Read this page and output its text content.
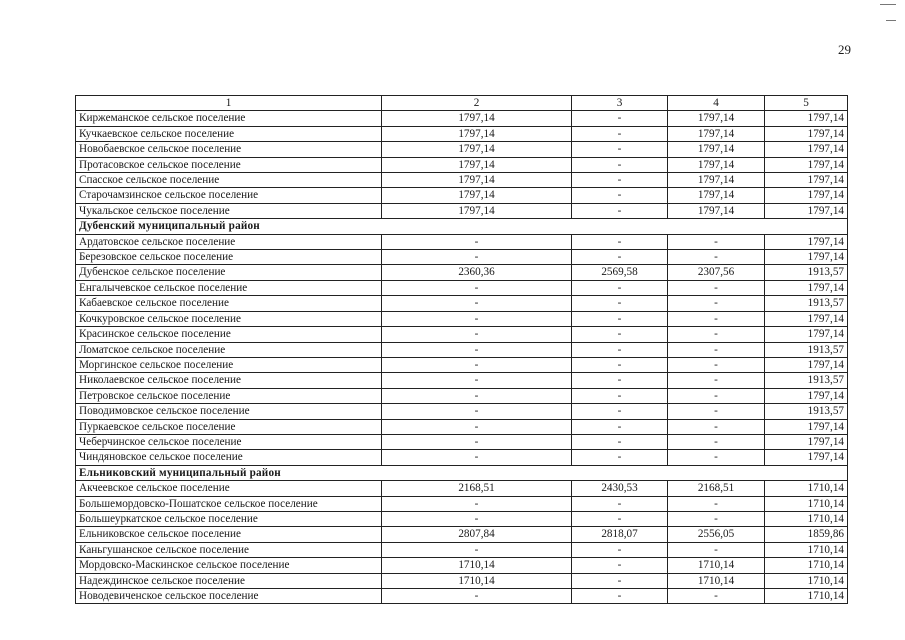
29
1	2	3	4	5
Киржеманское сельское поселение	1797,14	-	1797,14	1797,14
Кучкаевское сельское поселение	1797,14	-	1797,14	1797,14
Новобаевское сельское поселение	1797,14	-	1797,14	1797,14
Протасовское сельское поселение	1797,14	-	1797,14	1797,14
Спасское сельское поселение	1797,14	-	1797,14	1797,14
Старочамзинское сельское поселение	1797,14	-	1797,14	1797,14
Чукальское сельское поселение	1797,14	-	1797,14	1797,14
Дубенский муниципальный район				
Ардатовское сельское поселение	-	-	-	1797,14
Березовское сельское поселение	-	-	-	1797,14
Дубенское сельское поселение	2360,36	2569,58	2307,56	1913,57
Енгалычевское сельское поселение	-	-	-	1797,14
Кабаевское сельское поселение	-	-	-	1913,57
Кочкуровское сельское поселение	-	-	-	1797,14
Красинское сельское поселение	-	-	-	1797,14
Ломатское сельское поселение	-	-	-	1913,57
Моргинское сельское поселение	-	-	-	1797,14
Николаевское сельское поселение	-	-	-	1913,57
Петровское сельское поселение	-	-	-	1797,14
Поводимовское сельское поселение	-	-	-	1913,57
Пуркаевское сельское поселение	-	-	-	1797,14
Чеберчинское сельское поселение	-	-	-	1797,14
Чиндяновское сельское поселение	-	-	-	1797,14
Ельниковский муниципальный район				
Акчеевское сельское поселение	2168,51	2430,53	2168,51	1710,14
Большемордовско-Пошатское сельское поселение	-	-	-	1710,14
Большеуркатское сельское поселение	-	-	-	1710,14
Ельниковское сельское поселение	2807,84	2818,07	2556,05	1859,86
Каньгушанское сельское поселение	-	-	-	1710,14
Мордовско-Маскинское сельское поселение	1710,14	-	1710,14	1710,14
Надеждинское сельское поселение	1710,14	-	1710,14	1710,14
Новодевиченское сельское поселение	-	-	-	1710,14
